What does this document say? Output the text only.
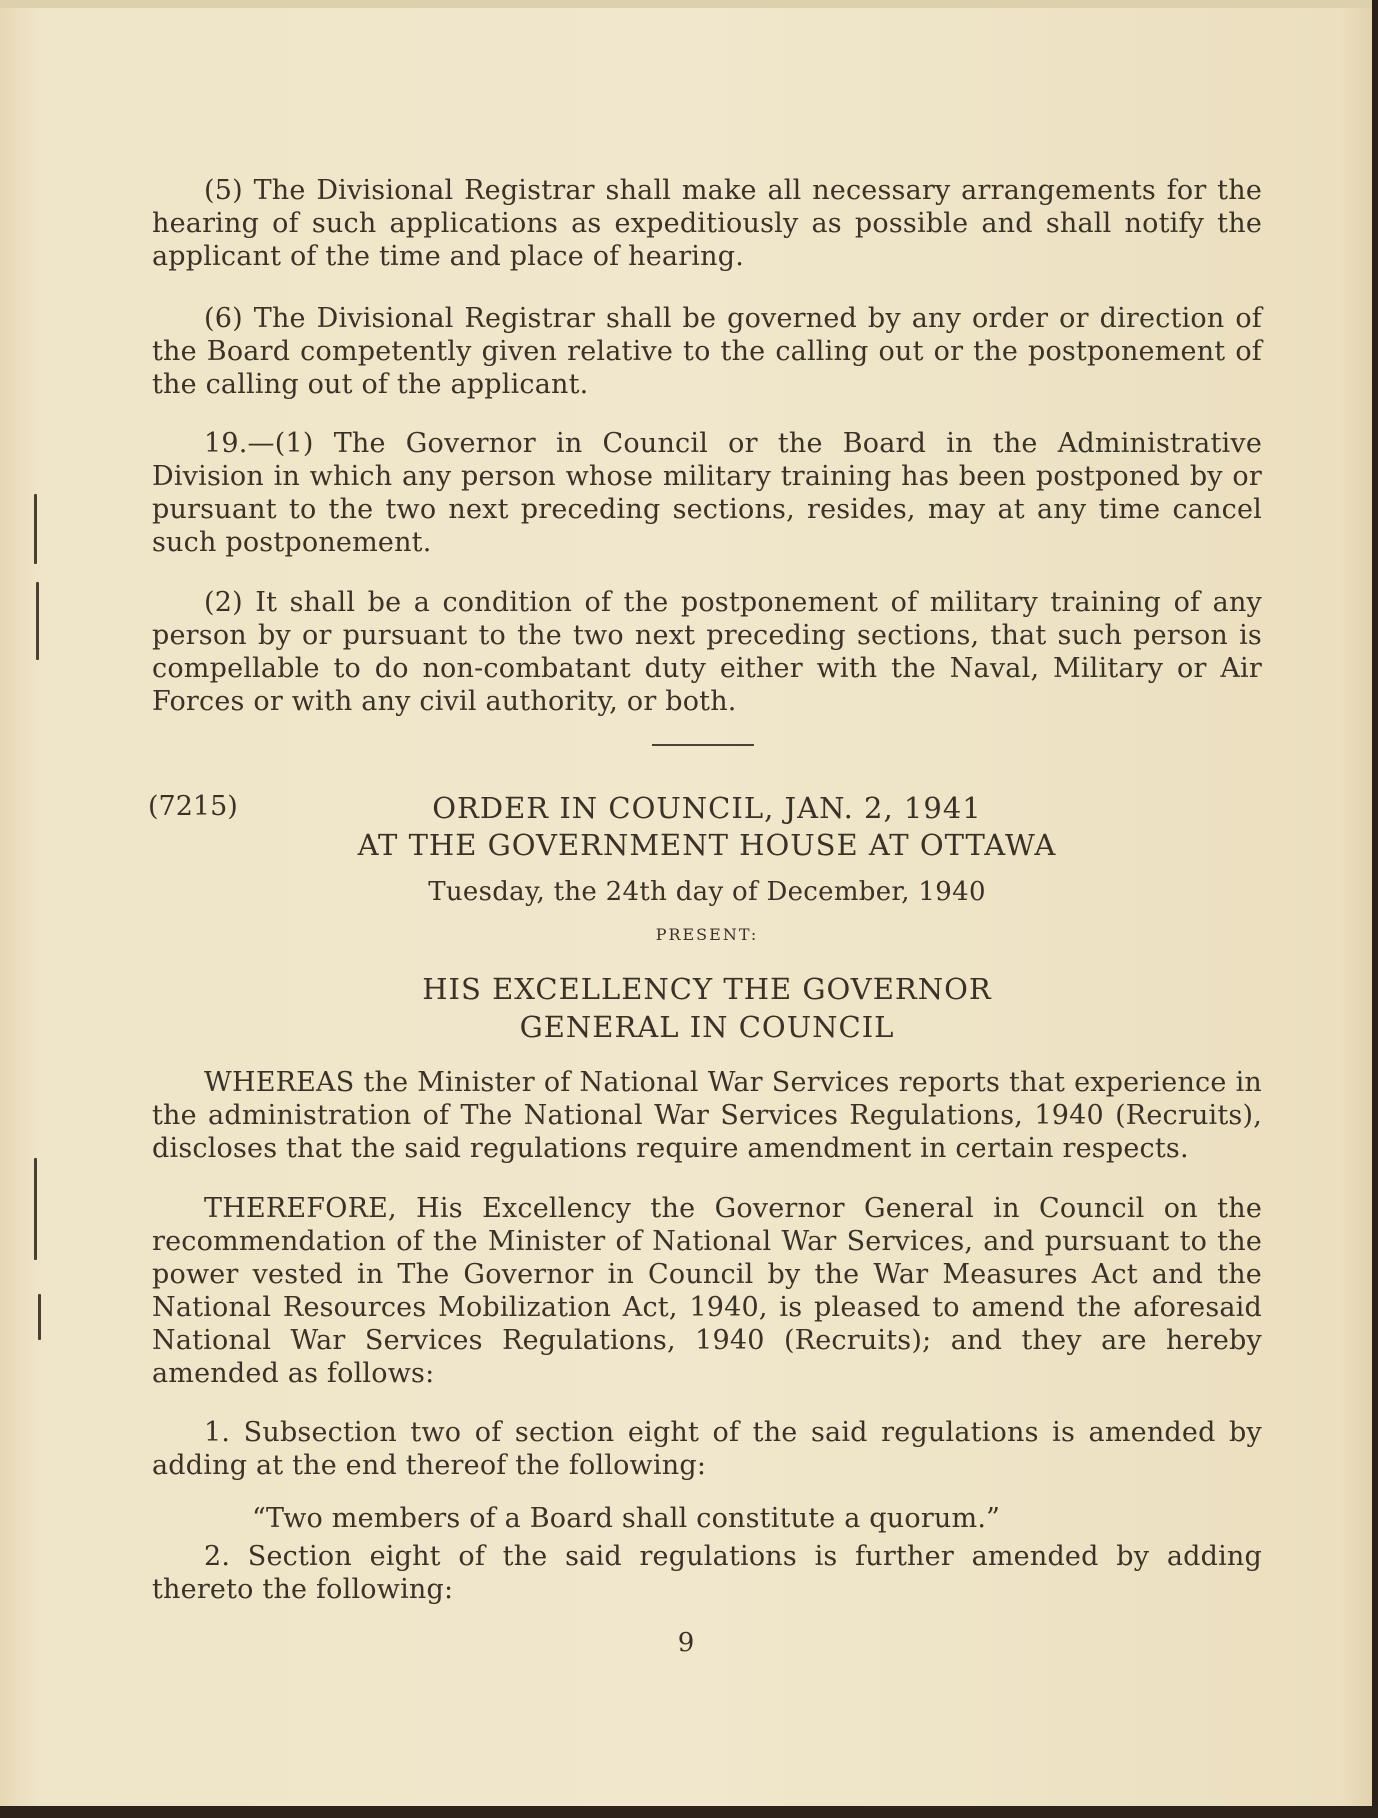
(5) The Divisional Registrar shall make all necessary arrangements for the hearing of such applications as expeditiously as possible and shall notify the applicant of the time and place of hearing.

(6) The Divisional Registrar shall be governed by any order or direction of the Board competently given relative to the calling out or the postponement of the calling out of the applicant.

19.—(1) The Governor in Council or the Board in the Administrative Division in which any person whose military training has been postponed by or pursuant to the two next preceding sections, resides, may at any time cancel such postponement.

(2) It shall be a condition of the postponement of military training of any person by or pursuant to the two next preceding sections, that such person is compellable to do non-combatant duty either with the Naval, Military or Air Forces or with any civil authority, or both.

(7215)	ORDER IN COUNCIL, JAN. 2, 1941
AT THE GOVERNMENT HOUSE AT OTTAWA
Tuesday, the 24th day of December, 1940
PRESENT:
HIS EXCELLENCY THE GOVERNOR
GENERAL IN COUNCIL

WHEREAS the Minister of National War Services reports that experience in the administration of The National War Services Regulations, 1940 (Recruits), discloses that the said regulations require amendment in certain respects.

THEREFORE, His Excellency the Governor General in Council on the recommendation of the Minister of National War Services, and pursuant to the power vested in The Governor in Council by the War Measures Act and the National Resources Mobilization Act, 1940, is pleased to amend the aforesaid National War Services Regulations, 1940 (Recruits); and they are hereby amended as follows:

1. Subsection two of section eight of the said regulations is amended by adding at the end thereof the following:

“Two members of a Board shall constitute a quorum.”

2. Section eight of the said regulations is further amended by adding thereto the following:

9
